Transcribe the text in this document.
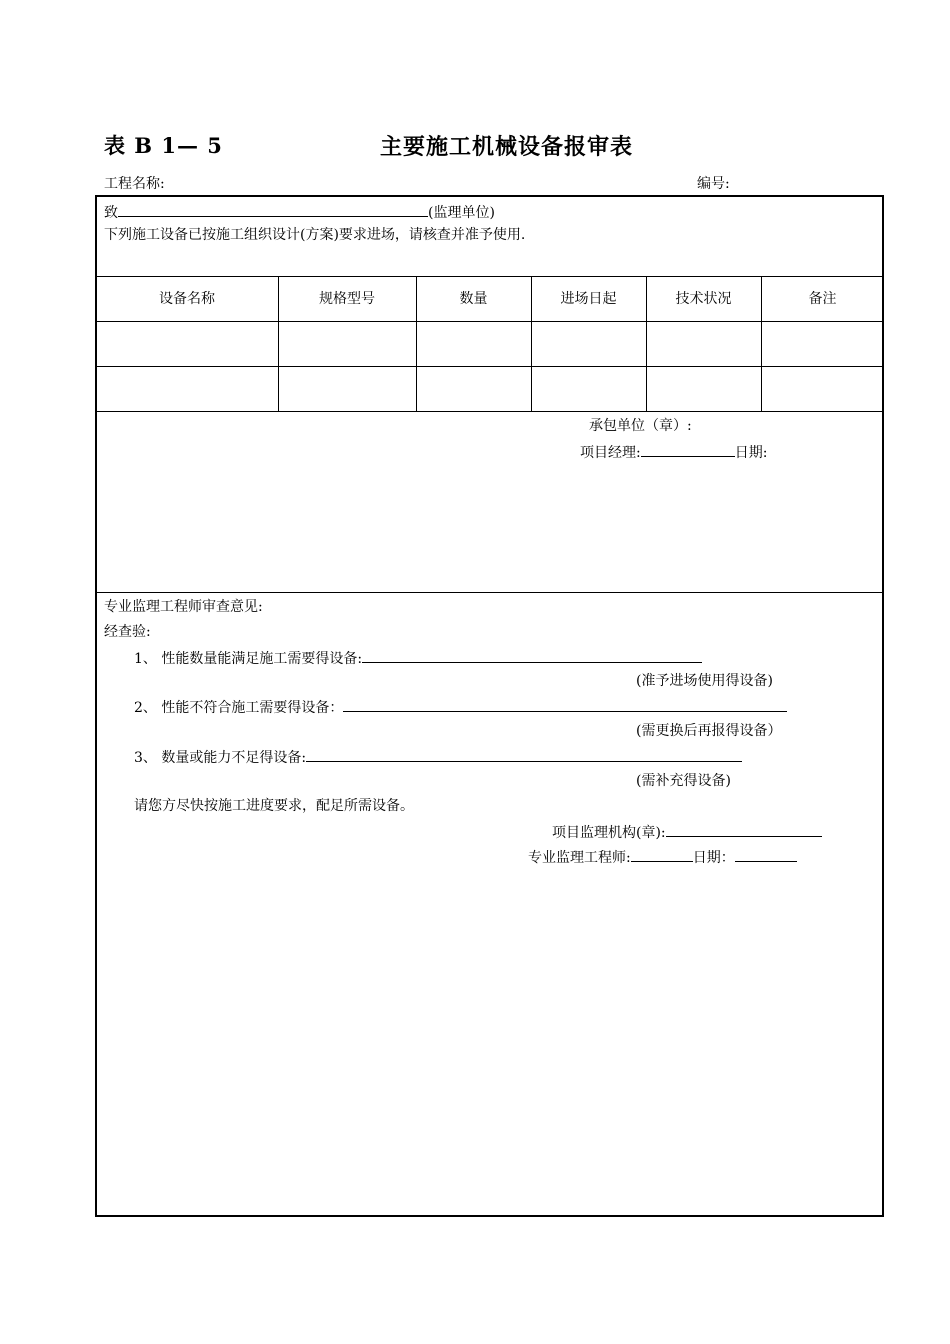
表 B 1— 5	主要施工机械设备报审表
工程名称:	编号:
致	(监理单位)
下列施工设备已按施工组织设计(方案)要求进场，请核查并准予使用.
设备名称	规格型号	数量	进场日起	技术状况	备注
承包单位（章）:
项目经理:	日期:
专业监理工程师审查意见:
经查验:
1、 性能数量能满足施工需要得设备:
(准予进场使用得设备)
2、 性能不符合施工需要得设备：
(需更换后再报得设备）
3、 数量或能力不足得设备:
(需补充得设备)
请您方尽快按施工进度要求，配足所需设备。
项目监理机构(章):
专业监理工程师:	日期：
